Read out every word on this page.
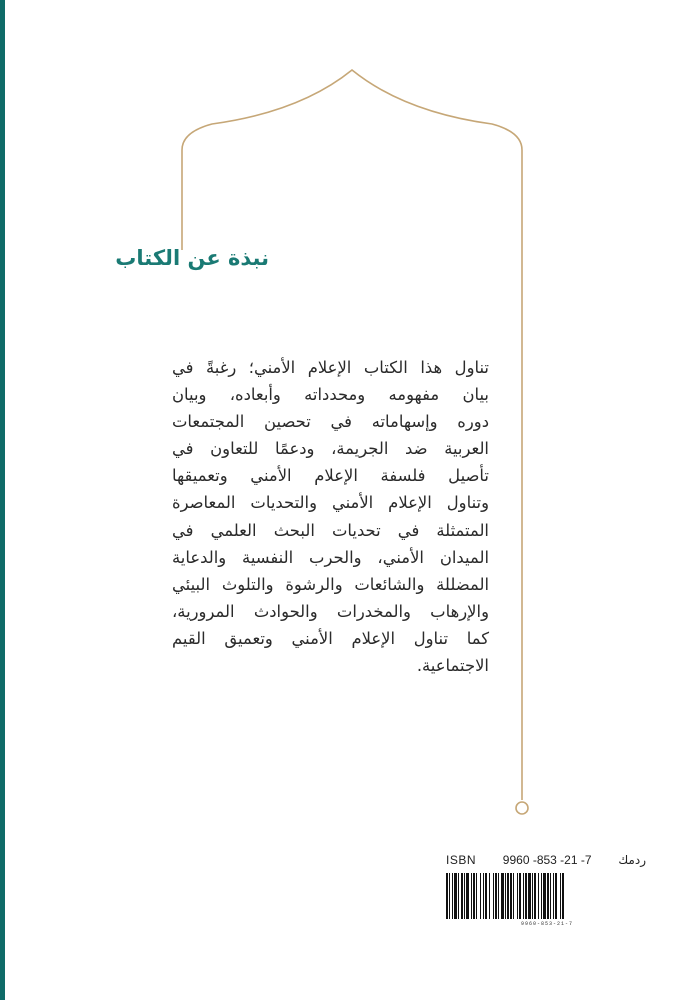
نبذة عن الكتاب
تناول هذا الكتاب الإعلام الأمني؛ رغبةً في
بيان مفهومه ومحدداته وأبعاده، وبيان
دوره وإسهاماته في تحصين المجتمعات
العربية ضد الجريمة، ودعمًا للتعاون في
تأصيل فلسفة الإعلام الأمني وتعميقها
وتناول الإعلام الأمني والتحديات المعاصرة
المتمثلة في تحديات البحث العلمي في
الميدان الأمني، والحرب النفسية والدعاية
المضللة والشائعات والرشوة والتلوث البيئي
والإرهاب والمخدرات والحوادث المرورية،
كما تناول الإعلام الأمني وتعميق القيم
الاجتماعية.
ISBN 9960 -853 -21 -7 ردمك
9960-853-21-7
